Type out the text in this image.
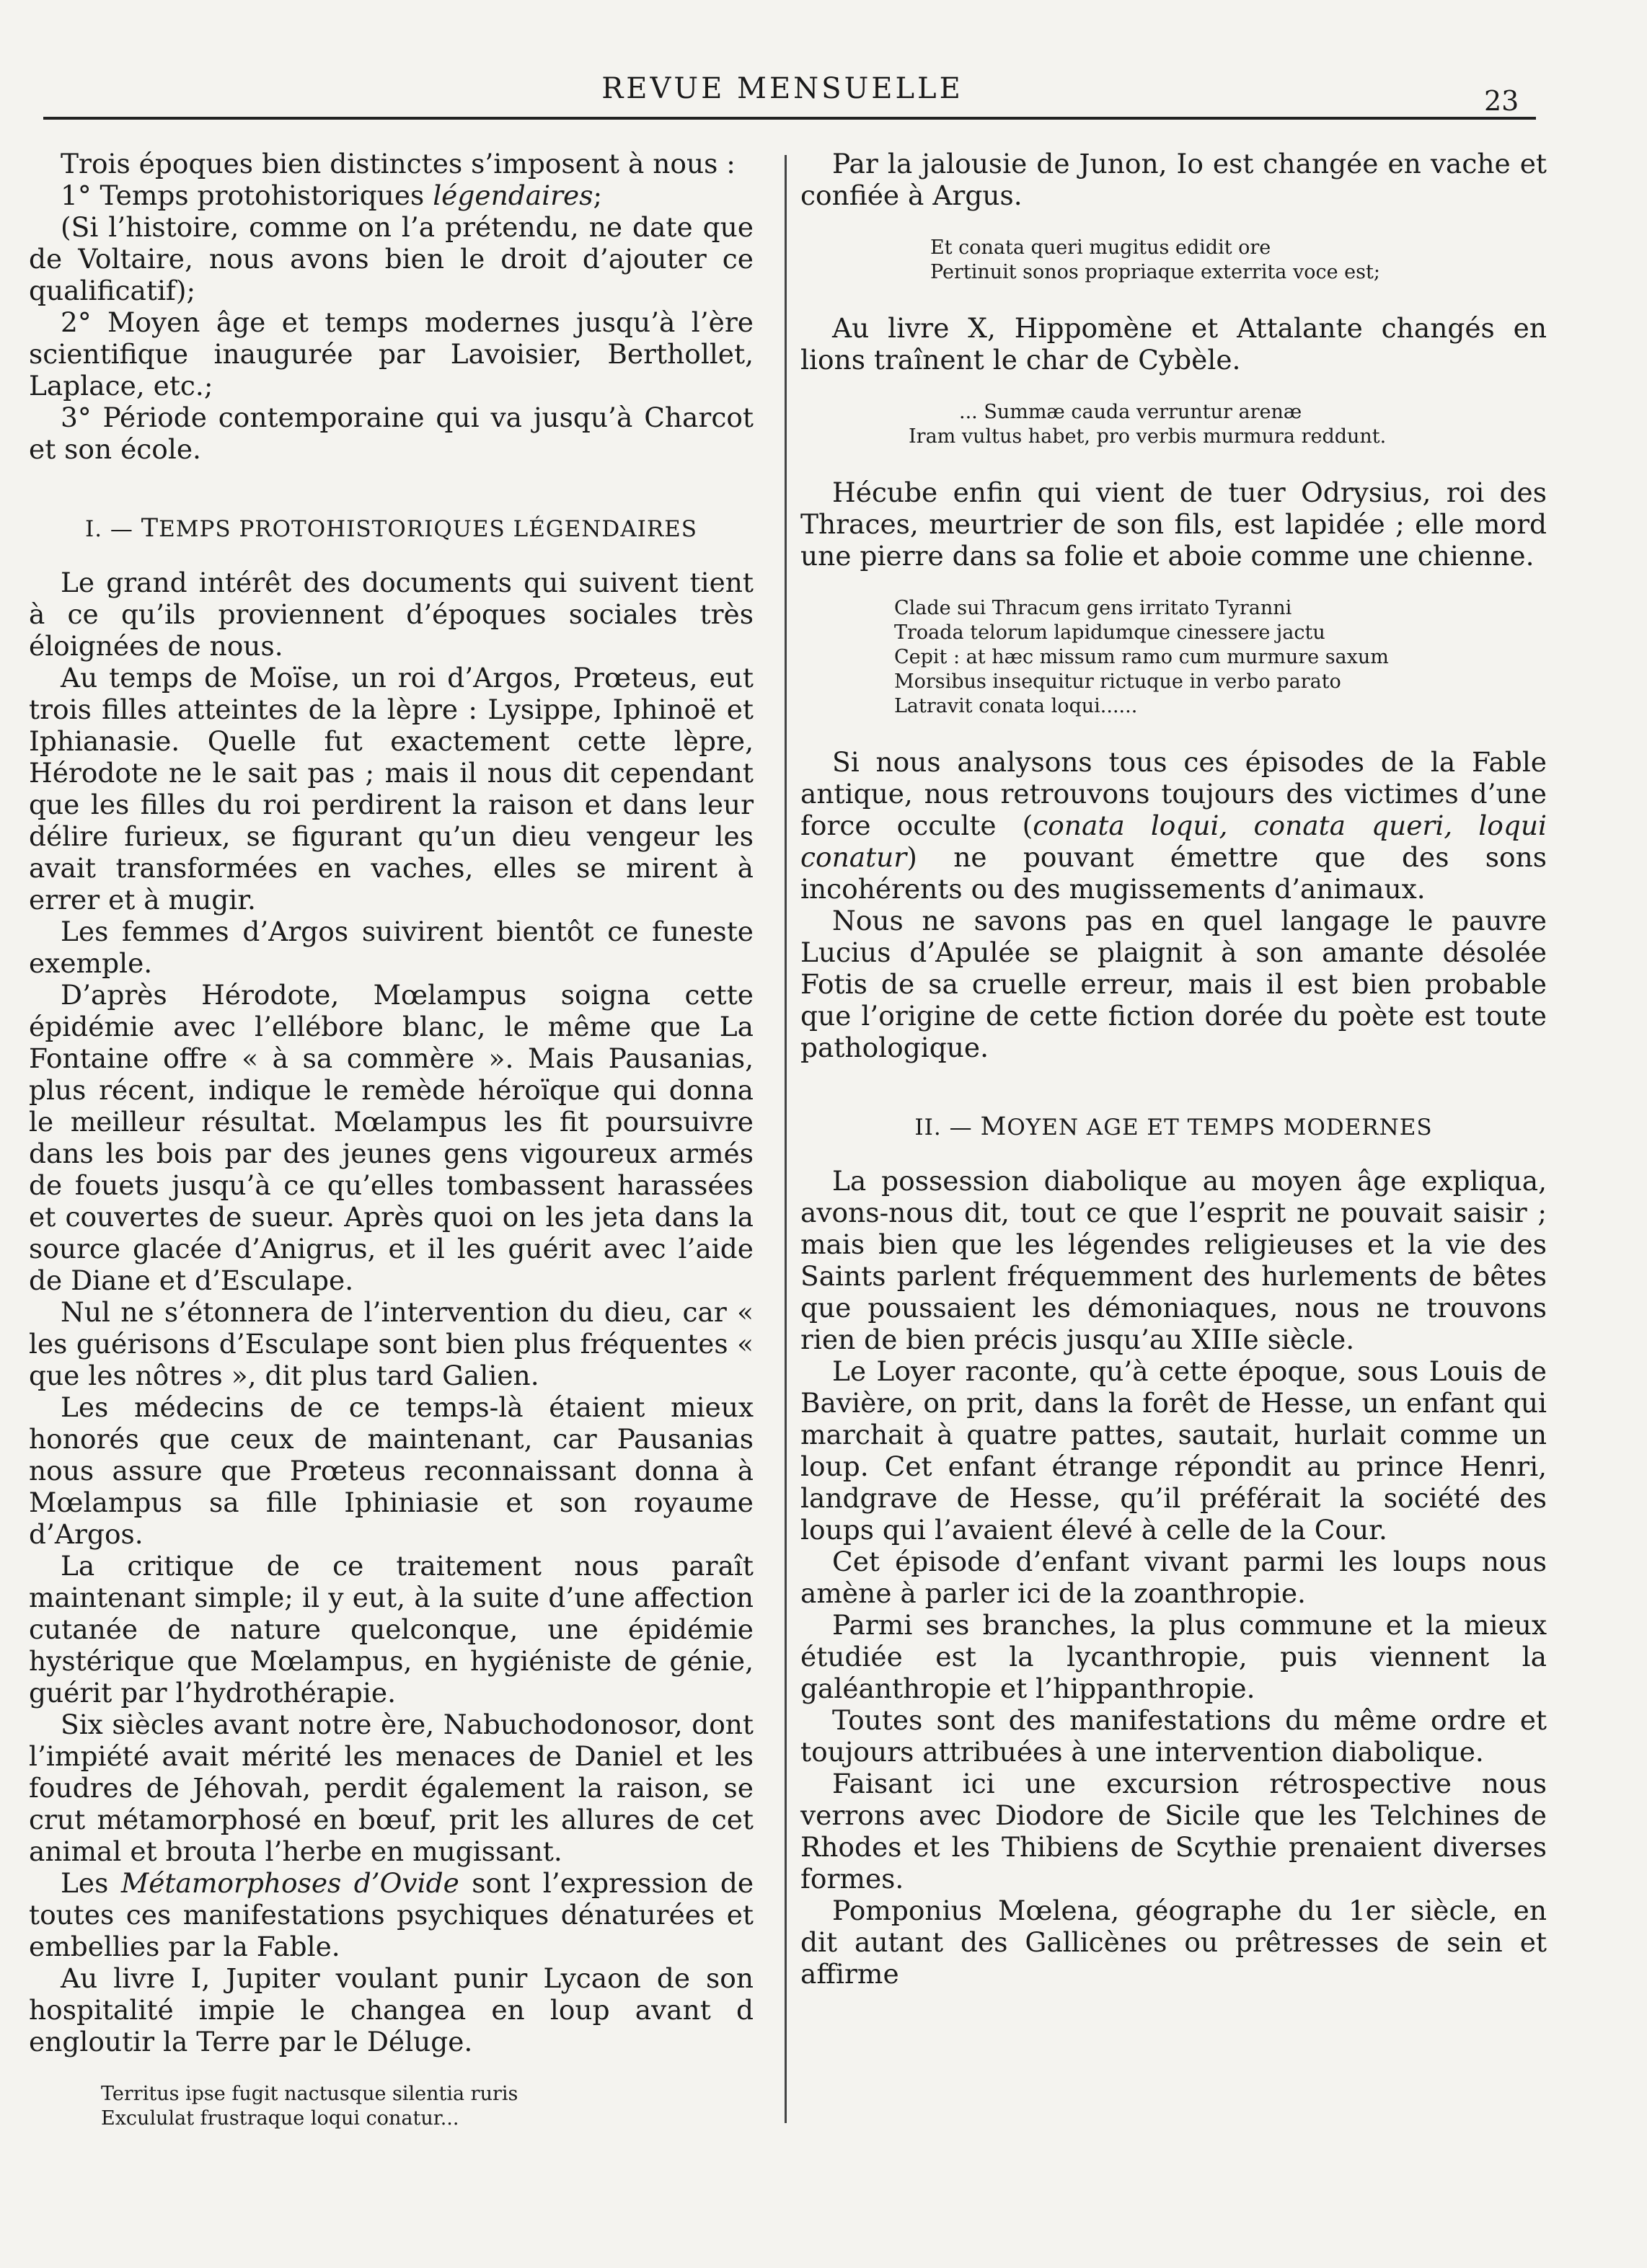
REVUE MENSUELLE	23

Trois époques bien distinctes s’imposent à nous :

1° Temps protohistoriques légendaires;

(Si l’histoire, comme on l’a prétendu, ne date que de Voltaire, nous avons bien le droit d’ajouter ce qualificatif);

2° Moyen âge et temps modernes jusqu’à l’ère scientifique inaugurée par Lavoisier, Berthollet, Laplace, etc.;

3° Période contemporaine qui va jusqu’à Charcot et son école.

I. — TEMPS PROTOHISTORIQUES LÉGENDAIRES

Le grand intérêt des documents qui suivent tient à ce qu’ils proviennent d’époques sociales très éloignées de nous.

Au temps de Moïse, un roi d’Argos, Prœteus, eut trois filles atteintes de la lèpre : Lysippe, Iphinoë et Iphianasie. Quelle fut exactement cette lèpre, Hérodote ne le sait pas ; mais il nous dit cependant que les filles du roi perdirent la raison et dans leur délire furieux, se figurant qu’un dieu vengeur les avait transformées en vaches, elles se mirent à errer et à mugir.

Les femmes d’Argos suivirent bientôt ce funeste exemple.

D’après Hérodote, Mœlampus soigna cette épidémie avec l’ellébore blanc, le même que La Fontaine offre « à sa commère ». Mais Pausanias, plus récent, indique le remède héroïque qui donna le meilleur résultat. Mœlampus les fit poursuivre dans les bois par des jeunes gens vigoureux armés de fouets jusqu’à ce qu’elles tombassent harassées et couvertes de sueur. Après quoi on les jeta dans la source glacée d’Anigrus, et il les guérit avec l’aide de Diane et d’Esculape.

Nul ne s’étonnera de l’intervention du dieu, car « les guérisons d’Esculape sont bien plus fréquentes « que les nôtres », dit plus tard Galien.

Les médecins de ce temps-là étaient mieux honorés que ceux de maintenant, car Pausanias nous assure que Prœteus reconnaissant donna à Mœlampus sa fille Iphiniasie et son royaume d’Argos.

La critique de ce traitement nous paraît maintenant simple; il y eut, à la suite d’une affection cutanée de nature quelconque, une épidémie hystérique que Mœlampus, en hygiéniste de génie, guérit par l’hydrothérapie.

Six siècles avant notre ère, Nabuchodonosor, dont l’impiété avait mérité les menaces de Daniel et les foudres de Jéhovah, perdit également la raison, se crut métamorphosé en bœuf, prit les allures de cet animal et brouta l’herbe en mugissant.

Les Métamorphoses d’Ovide sont l’expression de toutes ces manifestations psychiques dénaturées et embellies par la Fable.

Au livre I, Jupiter voulant punir Lycaon de son hospitalité impie le changea en loup avant d engloutir la Terre par le Déluge.

Territus ipse fugit nactusque silentia ruris
Excululat frustraque loqui conatur...

Par la jalousie de Junon, Io est changée en vache et confiée à Argus.

Et conata queri mugitus edidit ore
Pertinuit sonos propriaque exterrita voce est;

Au livre X, Hippomène et Attalante changés en lions traînent le char de Cybèle.

... Summæ cauda verruntur arenæ
Iram vultus habet, pro verbis murmura reddunt.

Hécube enfin qui vient de tuer Odrysius, roi des Thraces, meurtrier de son fils, est lapidée ; elle mord une pierre dans sa folie et aboie comme une chienne.

Clade sui Thracum gens irritato Tyranni
Troada telorum lapidumque cinessere jactu
Cepit : at hæc missum ramo cum murmure saxum
Morsibus insequitur rictuque in verbo parato
Latravit conata loqui......

Si nous analysons tous ces épisodes de la Fable antique, nous retrouvons toujours des victimes d’une force occulte (conata loqui, conata queri, loqui conatur) ne pouvant émettre que des sons incohérents ou des mugissements d’animaux.

Nous ne savons pas en quel langage le pauvre Lucius d’Apulée se plaignit à son amante désolée Fotis de sa cruelle erreur, mais il est bien probable que l’origine de cette fiction dorée du poète est toute pathologique.

II. — MOYEN AGE ET TEMPS MODERNES

La possession diabolique au moyen âge expliqua, avons-nous dit, tout ce que l’esprit ne pouvait saisir ; mais bien que les légendes religieuses et la vie des Saints parlent fréquemment des hurlements de bêtes que poussaient les démoniaques, nous ne trouvons rien de bien précis jusqu’au XIIIe siècle.

Le Loyer raconte, qu’à cette époque, sous Louis de Bavière, on prit, dans la forêt de Hesse, un enfant qui marchait à quatre pattes, sautait, hurlait comme un loup. Cet enfant étrange répondit au prince Henri, landgrave de Hesse, qu’il préférait la société des loups qui l’avaient élevé à celle de la Cour.

Cet épisode d’enfant vivant parmi les loups nous amène à parler ici de la zoanthropie.

Parmi ses branches, la plus commune et la mieux étudiée est la lycanthropie, puis viennent la galéanthropie et l’hippanthropie.

Toutes sont des manifestations du même ordre et toujours attribuées à une intervention diabolique.

Faisant ici une excursion rétrospective nous verrons avec Diodore de Sicile que les Telchines de Rhodes et les Thibiens de Scythie prenaient diverses formes.

Pomponius Mœlena, géographe du 1er siècle, en dit autant des Gallicènes ou prêtresses de sein et affirme
